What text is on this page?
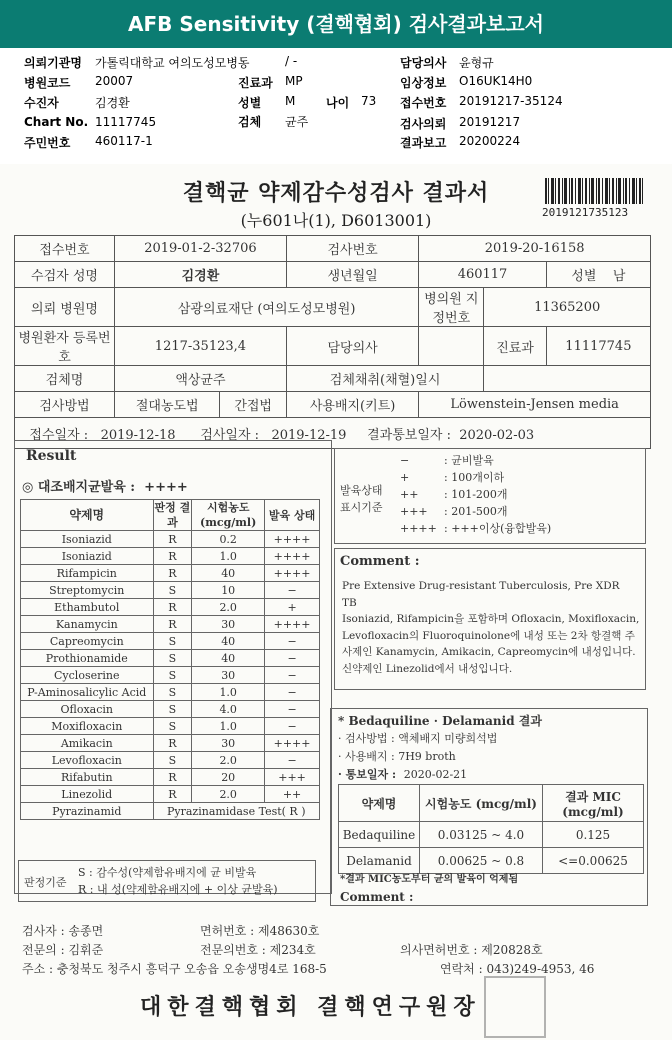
AFB Sensitivity (결핵협회) 검사결과보고서
의뢰기관명 가톨릭대학교 여의도성모병동	/ -
병원코드 20007
수진자	김경환
Chart No. 11117745
주민번호 460117-1
진료과 MP
성별 M	나이 73
검체 균주
담당의사 윤형규
임상정보 O16UK14H0
접수번호 20191217-35124
검사의뢰 20191217
결과보고 20200224
결핵균 약제감수성검사 결과서
(누601나(1), D6013001)	2019121735123
접수번호	2019-01-2-32706		검사번호	2019-20-16158		
수검자 성명	김경환		생년월일	460117		성별 남
의뢰 병원명	삼광의료재단 (여의도성모병원)			병의원 지정번호	11365200	
병원환자 등록번호	1217-35123,4		담당의사		진료과	11117745
검체명	액상균주		검체채취(채혈)일시			
검사방법	절대농도법	간접법	사용배지(키트)	Löwenstein-Jensen media		
접수일자 : 2019-12-18 검사일자 : 2019-12-19 결과통보일자 : 2020-02-03						
Result
◎ 대조배지균발육 : ++++
약제명	판정 결과	시험농도 (mcg/ml)	발육 상태
Isoniazid	R	0.2	++++
Isoniazid	R	1.0	++++
Rifampicin	R	40	++++
Streptomycin	S	10	−
Ethambutol	R	2.0	+
Kanamycin	R	30	++++
Capreomycin	S	40	−
Prothionamide	S	40	−
Cycloserine	S	30	−
P-Aminosalicylic Acid	S	1.0	−
Ofloxacin	S	4.0	−
Moxifloxacin	S	1.0	−
Amikacin	R	30	++++
Levofloxacin	S	2.0	−
Rifabutin	R	20	+++
Linezolid	R	2.0	++
Pyrazinamid	Pyrazinamidase Test( R )		
판정기준
S : 감수성(약제함유배지에 균 비발육
R : 내 성(약제함유배지에 + 이상 균발육)
발육상태 표시기준
−	: 균비발육
+	: 100개이하
++ : 101-200개
+++ : 201-500개
++++ : +++이상(융합발육)
Comment :
Pre Extensive Drug-resistant Tuberculosis, Pre XDR
TB
Isoniazid, Rifampicin을 포함하며 Ofloxacin, Moxifloxacin,
Levofloxacin의 Fluoroquinolone에 내성 또는 2차 항결핵 주
사제인 Kanamycin, Amikacin, Capreomycin에 내성입니다.
신약제인 Linezolid에서 내성입니다.
* Bedaquiline · Delamanid 결과
· 검사방법 : 액체배지 미량희석법
· 사용배지 : 7H9 broth
· 통보일자 : 2020-02-21
약제명	시험농도 (mcg/ml)	결과 MIC (mcg/ml)
Bedaquiline	0.03125 ~ 4.0	0.125
Delamanid	0.00625 ~ 0.8	<=0.00625
*결과 MIC농도부터 균의 발육이 억제됨
Comment :
검사자 : 송종면	면허번호 : 제48630호
전문의 : 김휘준	전문의번호 : 제234호	의사면허번호 : 제20828호
주소 : 충청북도 청주시 흥덕구 오송읍 오송생명4로 168-5	연락처 : 043)249-4953, 46
대한결핵협회 결핵연구원장
